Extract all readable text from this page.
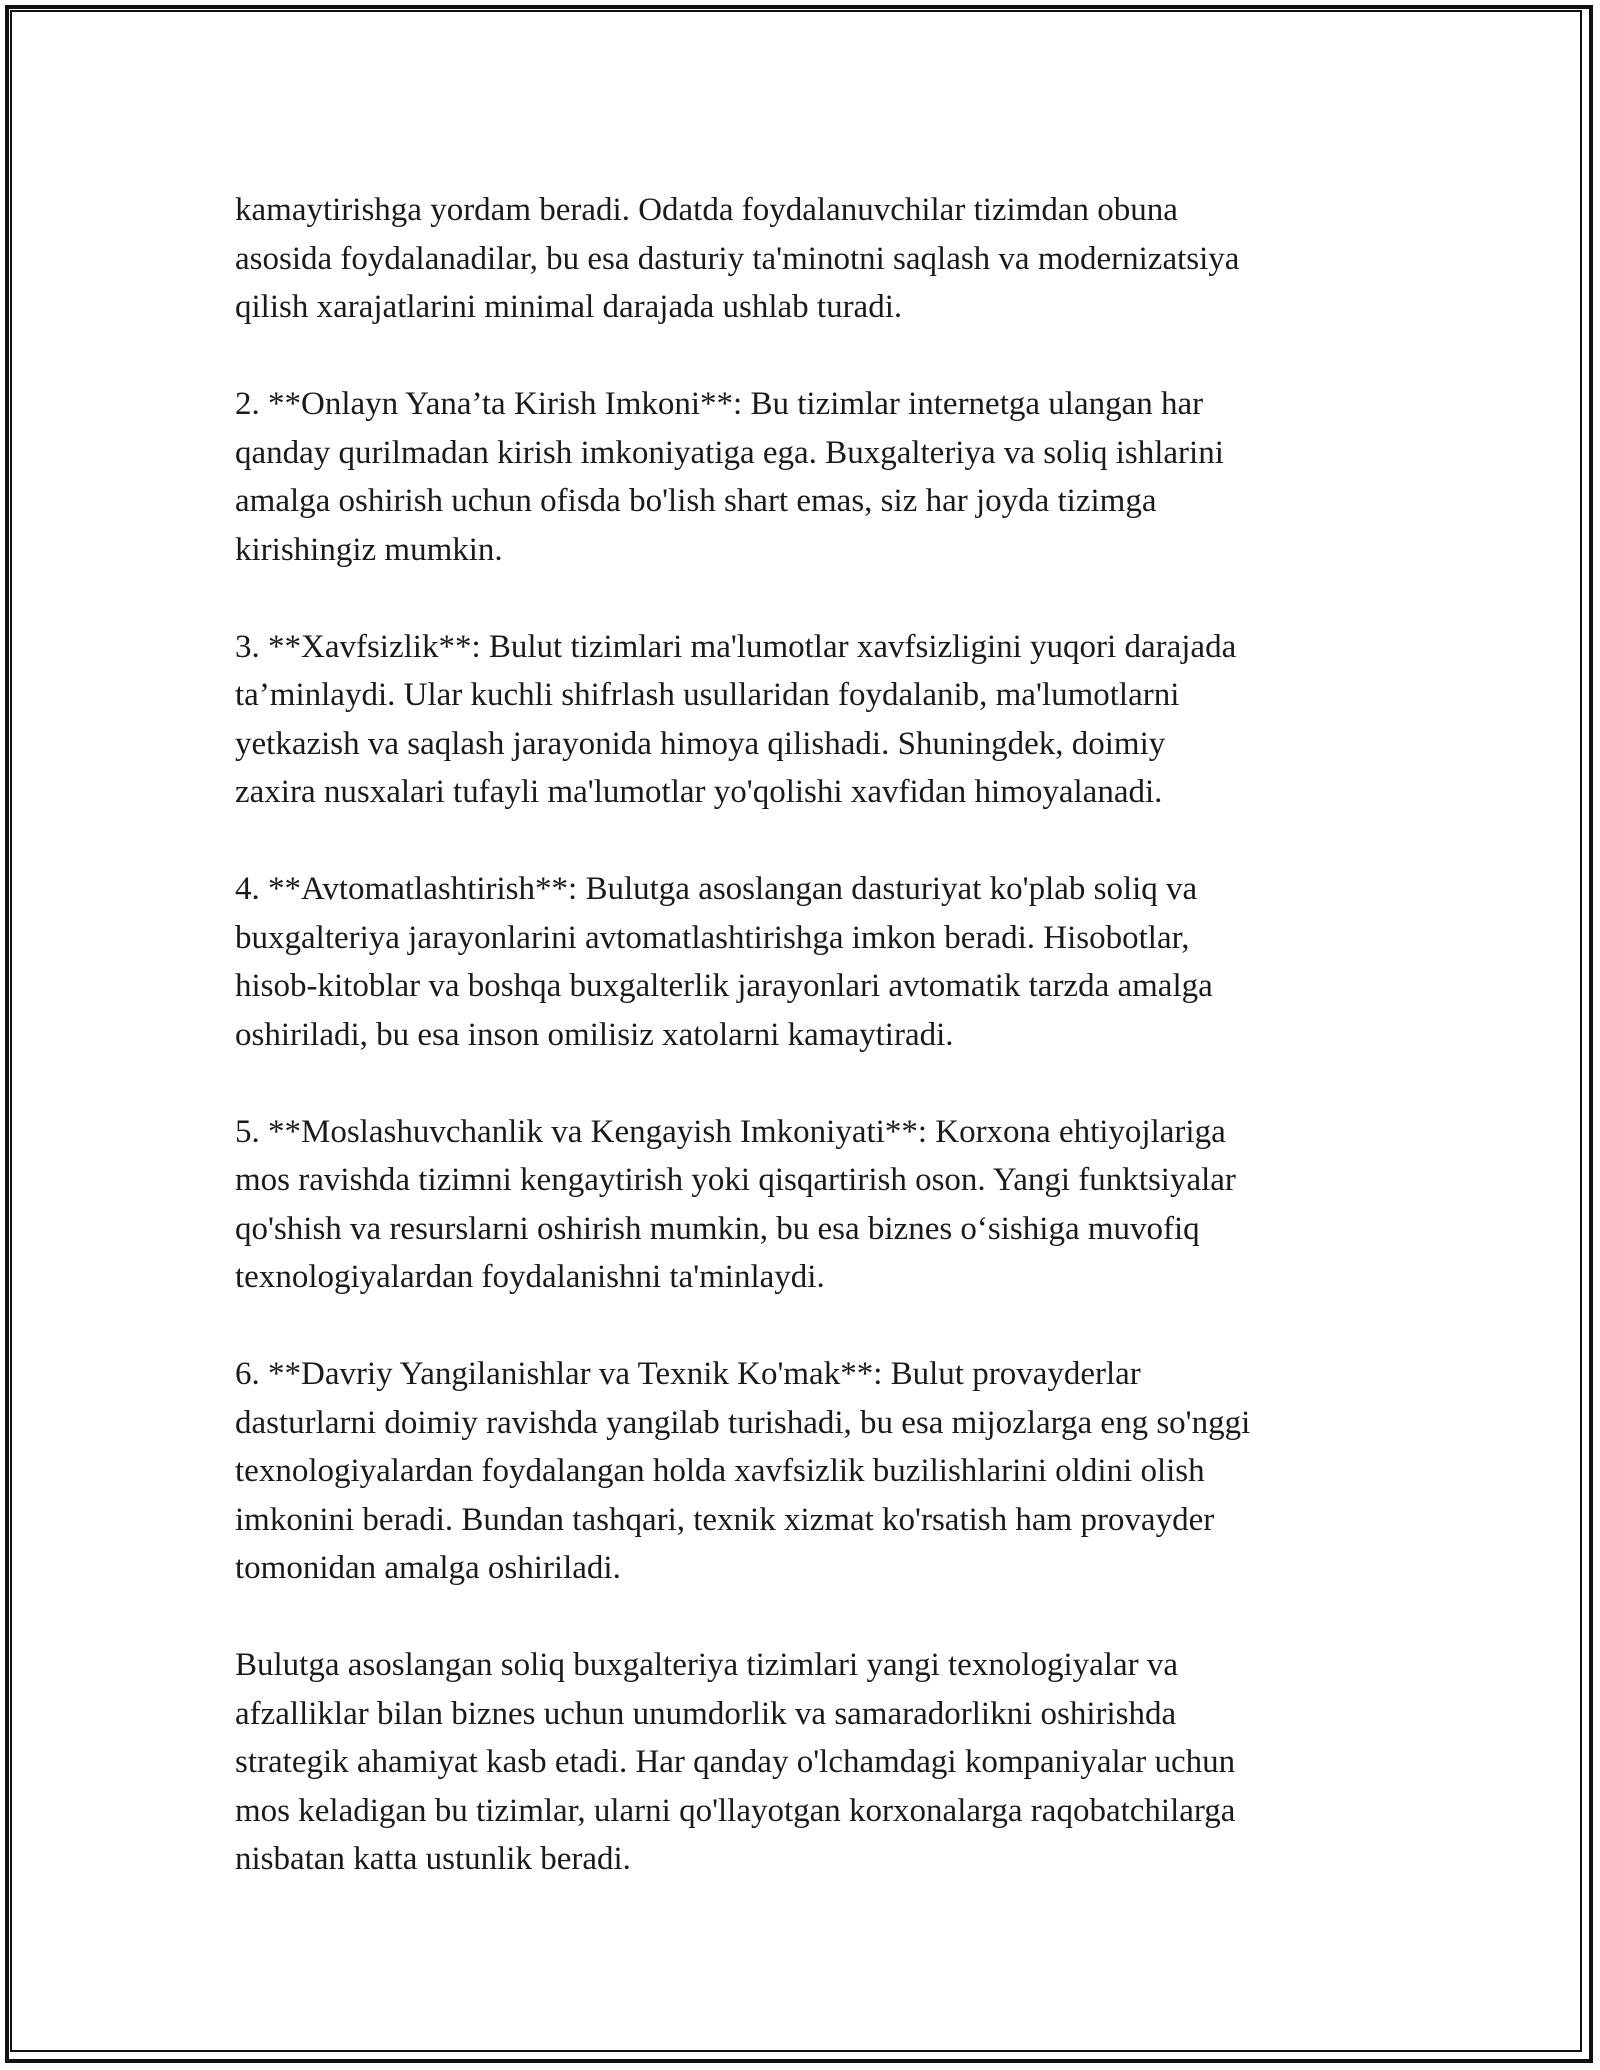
kamaytirishga yordam beradi. Odatda foydalanuvchilar tizimdan obuna
asosida foydalanadilar, bu esa dasturiy ta'minotni saqlash va modernizatsiya
qilish xarajatlarini minimal darajada ushlab turadi.

2. **Onlayn Yana’ta Kirish Imkoni**: Bu tizimlar internetga ulangan har
qanday qurilmadan kirish imkoniyatiga ega. Buxgalteriya va soliq ishlarini
amalga oshirish uchun ofisda bo'lish shart emas, siz har joyda tizimga
kirishingiz mumkin.

3. **Xavfsizlik**: Bulut tizimlari ma'lumotlar xavfsizligini yuqori darajada
ta’minlaydi. Ular kuchli shifrlash usullaridan foydalanib, ma'lumotlarni
yetkazish va saqlash jarayonida himoya qilishadi. Shuningdek, doimiy
zaxira nusxalari tufayli ma'lumotlar yo'qolishi xavfidan himoyalanadi.

4. **Avtomatlashtirish**: Bulutga asoslangan dasturiyat ko'plab soliq va
buxgalteriya jarayonlarini avtomatlashtirishga imkon beradi. Hisobotlar,
hisob-kitoblar va boshqa buxgalterlik jarayonlari avtomatik tarzda amalga
oshiriladi, bu esa inson omilisiz xatolarni kamaytiradi.

5. **Moslashuvchanlik va Kengayish Imkoniyati**: Korxona ehtiyojlariga
mos ravishda tizimni kengaytirish yoki qisqartirish oson. Yangi funktsiyalar
qo'shish va resurslarni oshirish mumkin, bu esa biznes o‘sishiga muvofiq
texnologiyalardan foydalanishni ta'minlaydi.

6. **Davriy Yangilanishlar va Texnik Ko'mak**: Bulut provayderlar
dasturlarni doimiy ravishda yangilab turishadi, bu esa mijozlarga eng so'nggi
texnologiyalardan foydalangan holda xavfsizlik buzilishlarini oldini olish
imkonini beradi. Bundan tashqari, texnik xizmat ko'rsatish ham provayder
tomonidan amalga oshiriladi.

Bulutga asoslangan soliq buxgalteriya tizimlari yangi texnologiyalar va
afzalliklar bilan biznes uchun unumdorlik va samaradorlikni oshirishda
strategik ahamiyat kasb etadi. Har qanday o'lchamdagi kompaniyalar uchun
mos keladigan bu tizimlar, ularni qo'llayotgan korxonalarga raqobatchilarga
nisbatan katta ustunlik beradi.
